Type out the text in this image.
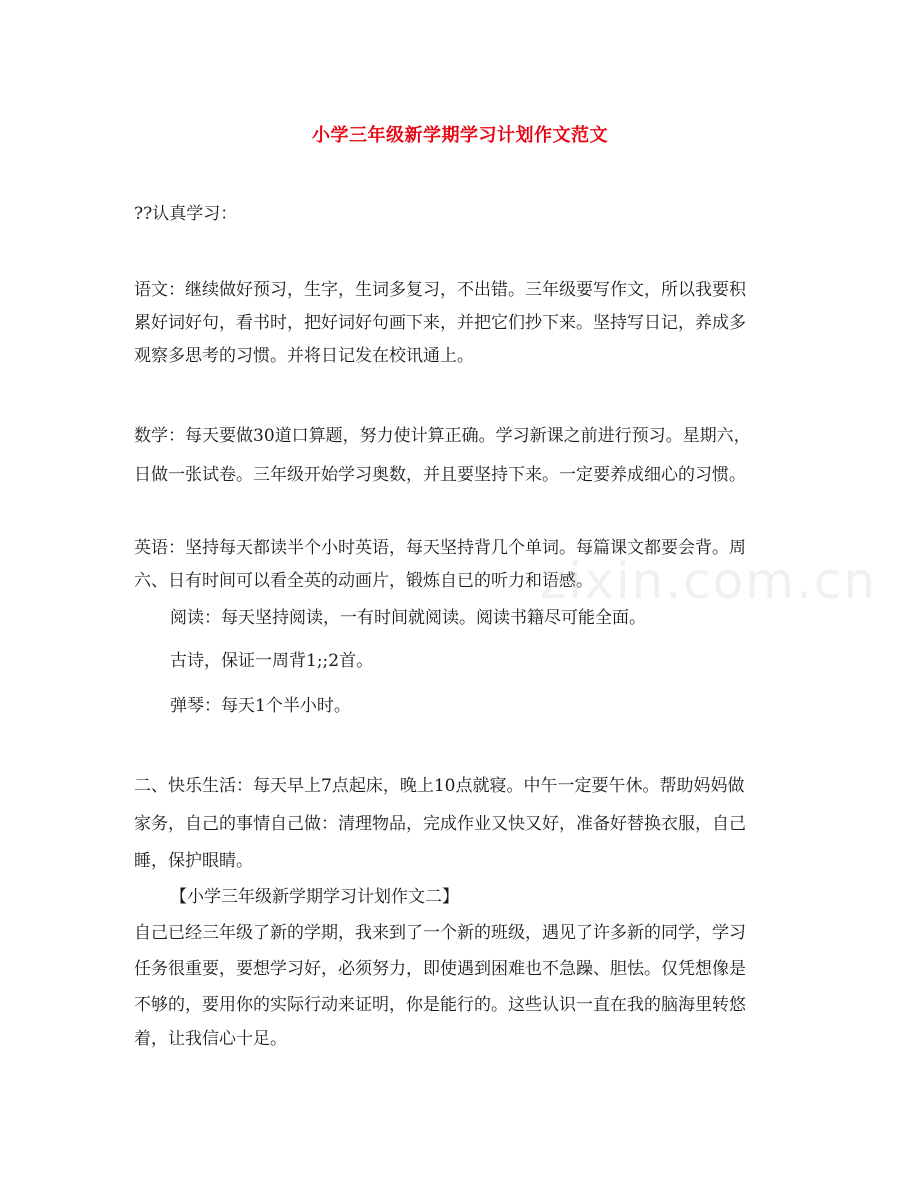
小学三年级新学期学习计划作文范文
??认真学习：
语文：继续做好预习，生字，生词多复习，不出错。三年级要写作文，所以我要积
累好词好句，看书时，把好词好句画下来，并把它们抄下来。坚持写日记，养成多
观察多思考的习惯。并将日记发在校讯通上。
数学：每天要做30道口算题，努力使计算正确。学习新课之前进行预习。星期六，
日做一张试卷。三年级开始学习奥数，并且要坚持下来。一定要养成细心的习惯。
英语：坚持每天都读半个小时英语，每天坚持背几个单词。每篇课文都要会背。周
六、日有时间可以看全英的动画片，锻炼自已的听力和语感。
阅读：每天坚持阅读，一有时间就阅读。阅读书籍尽可能全面。
古诗，保证一周背1;;2首。
弹琴：每天1个半小时。
二、快乐生活：每天早上7点起床，晚上10点就寝。中午一定要午休。帮助妈妈做
家务，自己的事情自己做：清理物品，完成作业又快又好，准备好替换衣服，自己
睡，保护眼睛。
【小学三年级新学期学习计划作文二】
自己已经三年级了新的学期，我来到了一个新的班级，遇见了许多新的同学，学习
任务很重要，要想学习好，必须努力，即使遇到困难也不急躁、胆怯。仅凭想像是
不够的，要用你的实际行动来证明，你是能行的。这些认识一直在我的脑海里转悠
着，让我信心十足。
zixin.com.cn
